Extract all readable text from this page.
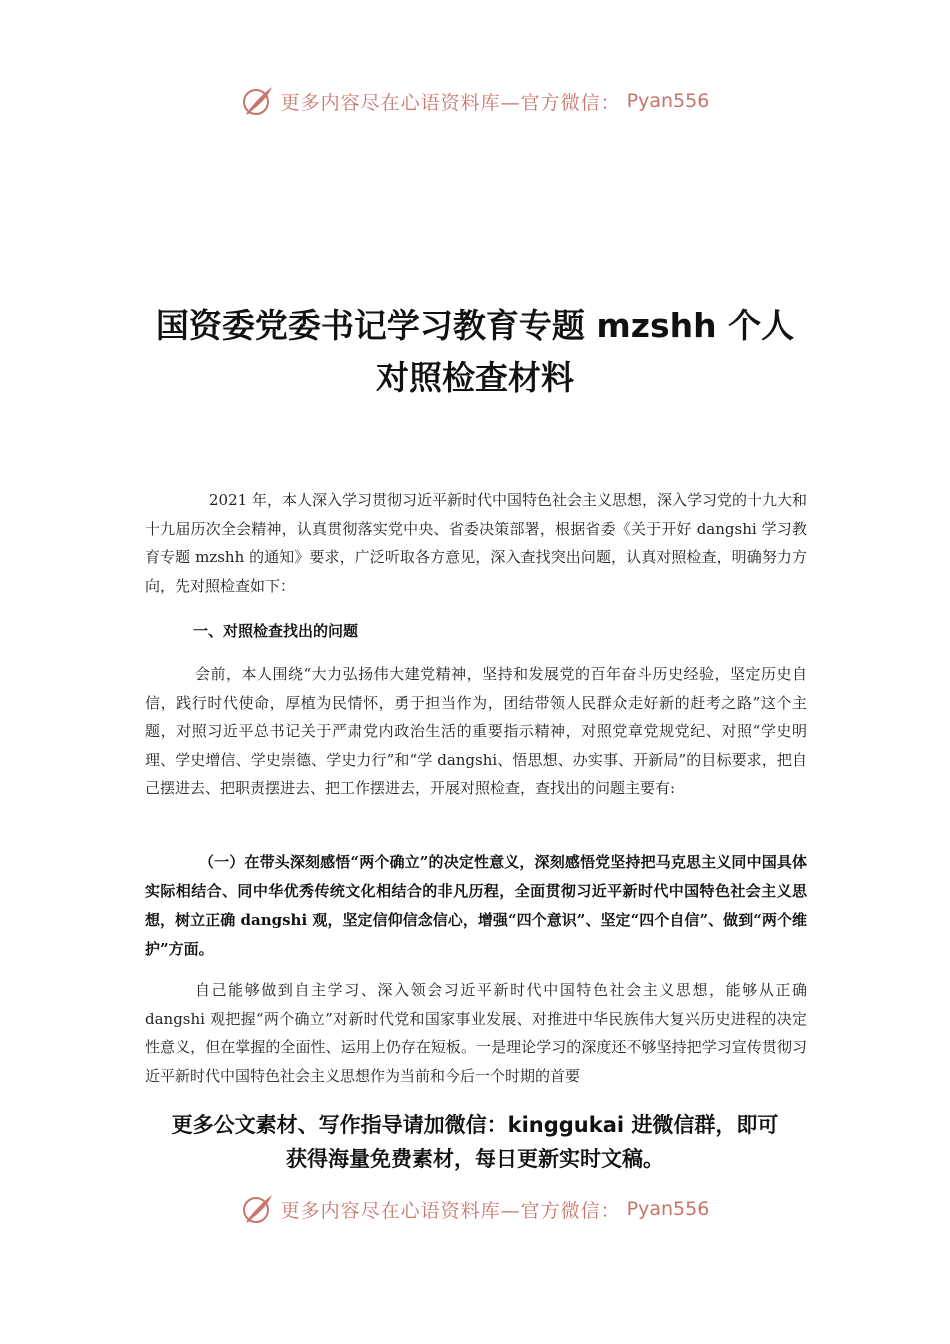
更多内容尽在心语资料库—官方微信： Pyan556
国资委党委书记学习教育专题 mzshh 个人
对照检查材料

2021 年，本人深入学习贯彻习近平新时代中国特色社会主义思想，深入学习党的十九大和十九届历次全会精神，认真贯彻落实党中央、省委决策部署，根据省委《关于开好 dangshi 学习教育专题 mzshh 的通知》要求，广泛听取各方意见，深入查找突出问题，认真对照检查，明确努力方向，先对照检查如下：

一、对照检查找出的问题

会前，本人围绕“大力弘扬伟大建党精神，坚持和发展党的百年奋斗历史经验，坚定历史自信，践行时代使命，厚植为民情怀，勇于担当作为，团结带领人民群众走好新的赶考之路”这个主题，对照习近平总书记关于严肃党内政治生活的重要指示精神，对照党章党规党纪、对照“学史明理、学史增信、学史崇德、学史力行”和“学 dangshi、悟思想、办实事、开新局”的目标要求，把自己摆进去、把职责摆进去、把工作摆进去，开展对照检查，查找出的问题主要有:

（一）在带头深刻感悟“两个确立”的决定性意义，深刻感悟党坚持把马克思主义同中国具体实际相结合、同中华优秀传统文化相结合的非凡历程，全面贯彻习近平新时代中国特色社会主义思想，树立正确 dangshi 观，坚定信仰信念信心，增强“四个意识”、坚定“四个自信”、做到“两个维护”方面。

自己能够做到自主学习、深入领会习近平新时代中国特色社会主义思想，能够从正确 dangshi 观把握“两个确立”对新时代党和国家事业发展、对推进中华民族伟大复兴历史进程的决定性意义，但在掌握的全面性、运用上仍存在短板。一是理论学习的深度还不够坚持把学习宣传贯彻习近平新时代中国特色社会主义思想作为当前和今后一个时期的首要

更多公文素材、写作指导请加微信：kinggukai 进微信群，即可
获得海量免费素材，每日更新实时文稿。
更多内容尽在心语资料库—官方微信： Pyan556
